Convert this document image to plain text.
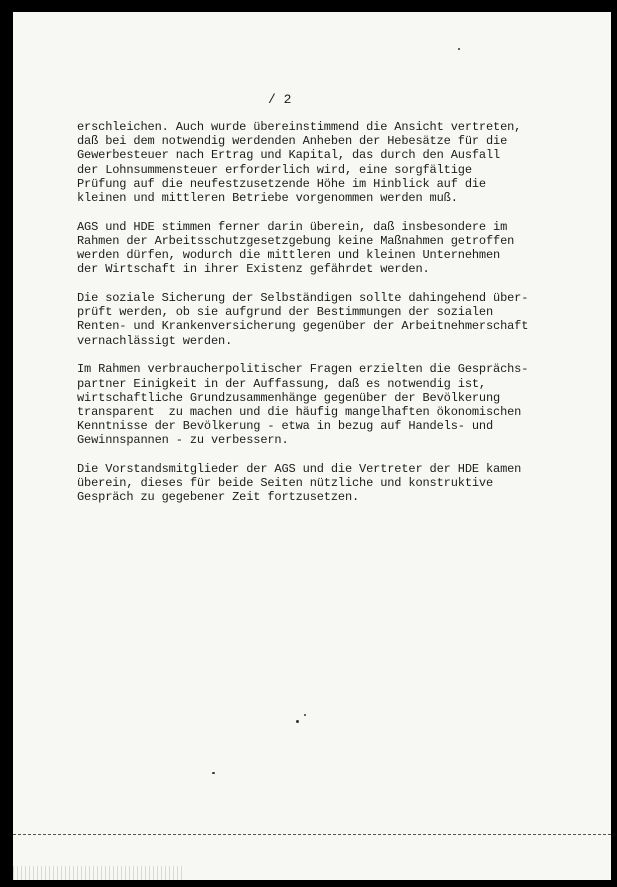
/ 2

erschleichen. Auch wurde übereinstimmend die Ansicht vertreten,
daß bei dem notwendig werdenden Anheben der Hebesätze für die
Gewerbesteuer nach Ertrag und Kapital, das durch den Ausfall
der Lohnsummensteuer erforderlich wird, eine sorgfältige
Prüfung auf die neufestzusetzende Höhe im Hinblick auf die
kleinen und mittleren Betriebe vorgenommen werden muß.

AGS und HDE stimmen ferner darin überein, daß insbesondere im
Rahmen der Arbeitsschutzgesetzgebung keine Maßnahmen getroffen
werden dürfen, wodurch die mittleren und kleinen Unternehmen
der Wirtschaft in ihrer Existenz gefährdet werden.

Die soziale Sicherung der Selbständigen sollte dahingehend über-
prüft werden, ob sie aufgrund der Bestimmungen der sozialen
Renten- und Krankenversicherung gegenüber der Arbeitnehmerschaft
vernachlässigt werden.

Im Rahmen verbraucherpolitischer Fragen erzielten die Gesprächs-
partner Einigkeit in der Auffassung, daß es notwendig ist,
wirtschaftliche Grundzusammenhänge gegenüber der Bevölkerung
transparent  zu machen und die häufig mangelhaften ökonomischen
Kenntnisse der Bevölkerung - etwa in bezug auf Handels- und
Gewinnspannen - zu verbessern.

Die Vorstandsmitglieder der AGS und die Vertreter der HDE kamen
überein, dieses für beide Seiten nützliche und konstruktive
Gespräch zu gegebener Zeit fortzusetzen.
